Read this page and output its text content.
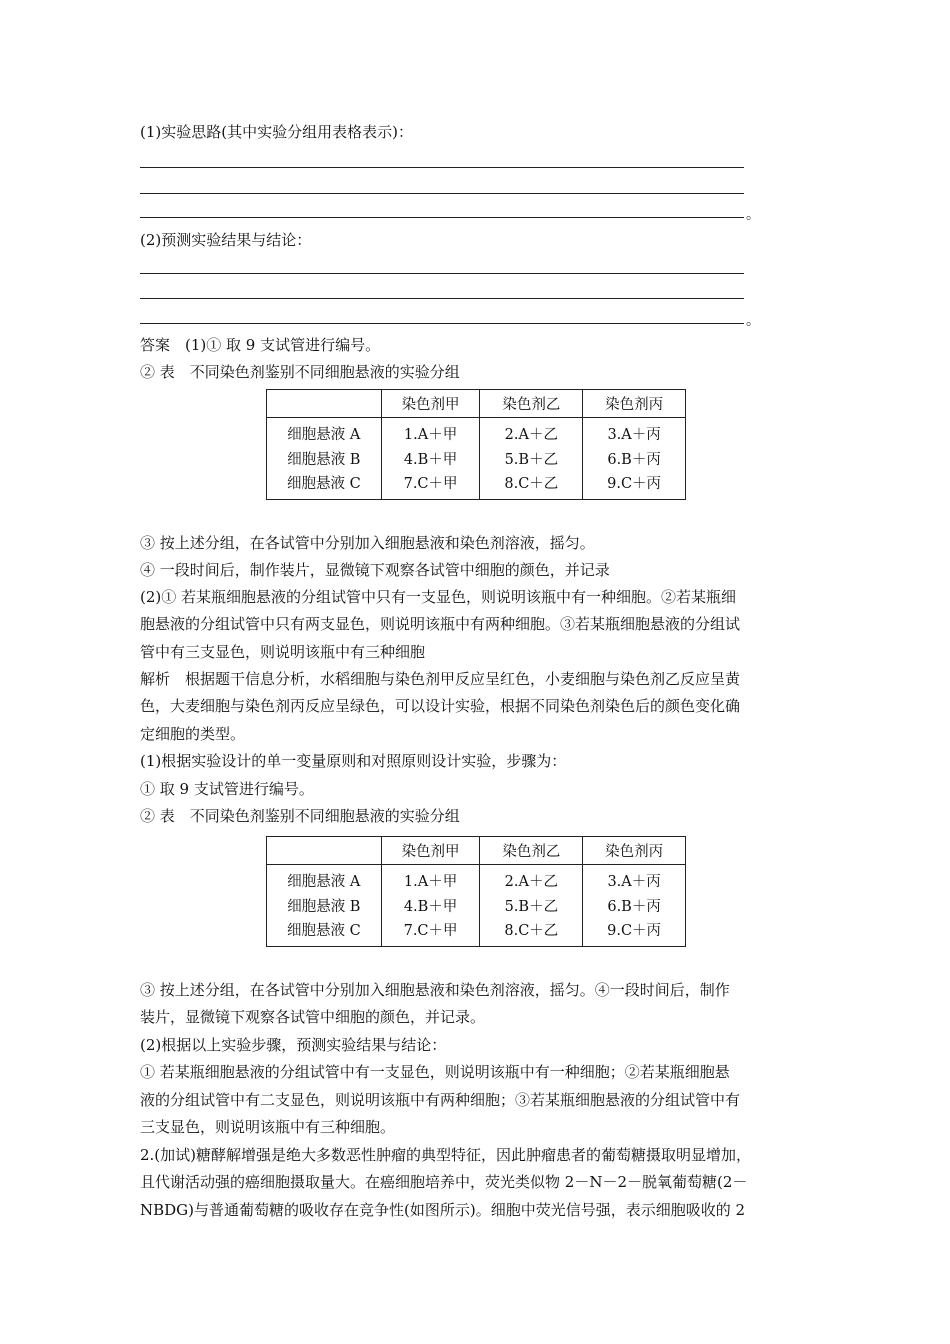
(1)实验思路(其中实验分组用表格表示)：
。
(2)预测实验结果与结论：
。
答案　(1)① 取 9 支试管进行编号。
② 表　不同染色剂鉴别不同细胞悬液的实验分组
	染色剂甲	染色剂乙	染色剂丙
细胞悬液 A	1.A＋甲	2.A＋乙	3.A＋丙
细胞悬液 B	4.B＋甲	5.B＋乙	6.B＋丙
细胞悬液 C	7.C＋甲	8.C＋乙	9.C＋丙
③ 按上述分组，在各试管中分别加入细胞悬液和染色剂溶液，摇匀。
④ 一段时间后，制作装片，显微镜下观察各试管中细胞的颜色，并记录
(2)① 若某瓶细胞悬液的分组试管中只有一支显色，则说明该瓶中有一种细胞。②若某瓶细
胞悬液的分组试管中只有两支显色，则说明该瓶中有两种细胞。③若某瓶细胞悬液的分组试
管中有三支显色，则说明该瓶中有三种细胞
解析　根据题干信息分析，水稻细胞与染色剂甲反应呈红色，小麦细胞与染色剂乙反应呈黄
色，大麦细胞与染色剂丙反应呈绿色，可以设计实验，根据不同染色剂染色后的颜色变化确
定细胞的类型。
(1)根据实验设计的单一变量原则和对照原则设计实验，步骤为：
① 取 9 支试管进行编号。
② 表　不同染色剂鉴别不同细胞悬液的实验分组
	染色剂甲	染色剂乙	染色剂丙
细胞悬液 A	1.A＋甲	2.A＋乙	3.A＋丙
细胞悬液 B	4.B＋甲	5.B＋乙	6.B＋丙
细胞悬液 C	7.C＋甲	8.C＋乙	9.C＋丙
③ 按上述分组，在各试管中分别加入细胞悬液和染色剂溶液，摇匀。④一段时间后，制作
装片，显微镜下观察各试管中细胞的颜色，并记录。
(2)根据以上实验步骤，预测实验结果与结论：
① 若某瓶细胞悬液的分组试管中有一支显色，则说明该瓶中有一种细胞；②若某瓶细胞悬
液的分组试管中有二支显色，则说明该瓶中有两种细胞；③若某瓶细胞悬液的分组试管中有
三支显色，则说明该瓶中有三种细胞。
2.(加试)糖酵解增强是绝大多数恶性肿瘤的典型特征，因此肿瘤患者的葡萄糖摄取明显增加，
且代谢活动强的癌细胞摄取量大。在癌细胞培养中，荧光类似物 2－N－2－脱氧葡萄糖(2－
NBDG)与普通葡萄糖的吸收存在竞争性(如图所示)。细胞中荧光信号强，表示细胞吸收的 2
